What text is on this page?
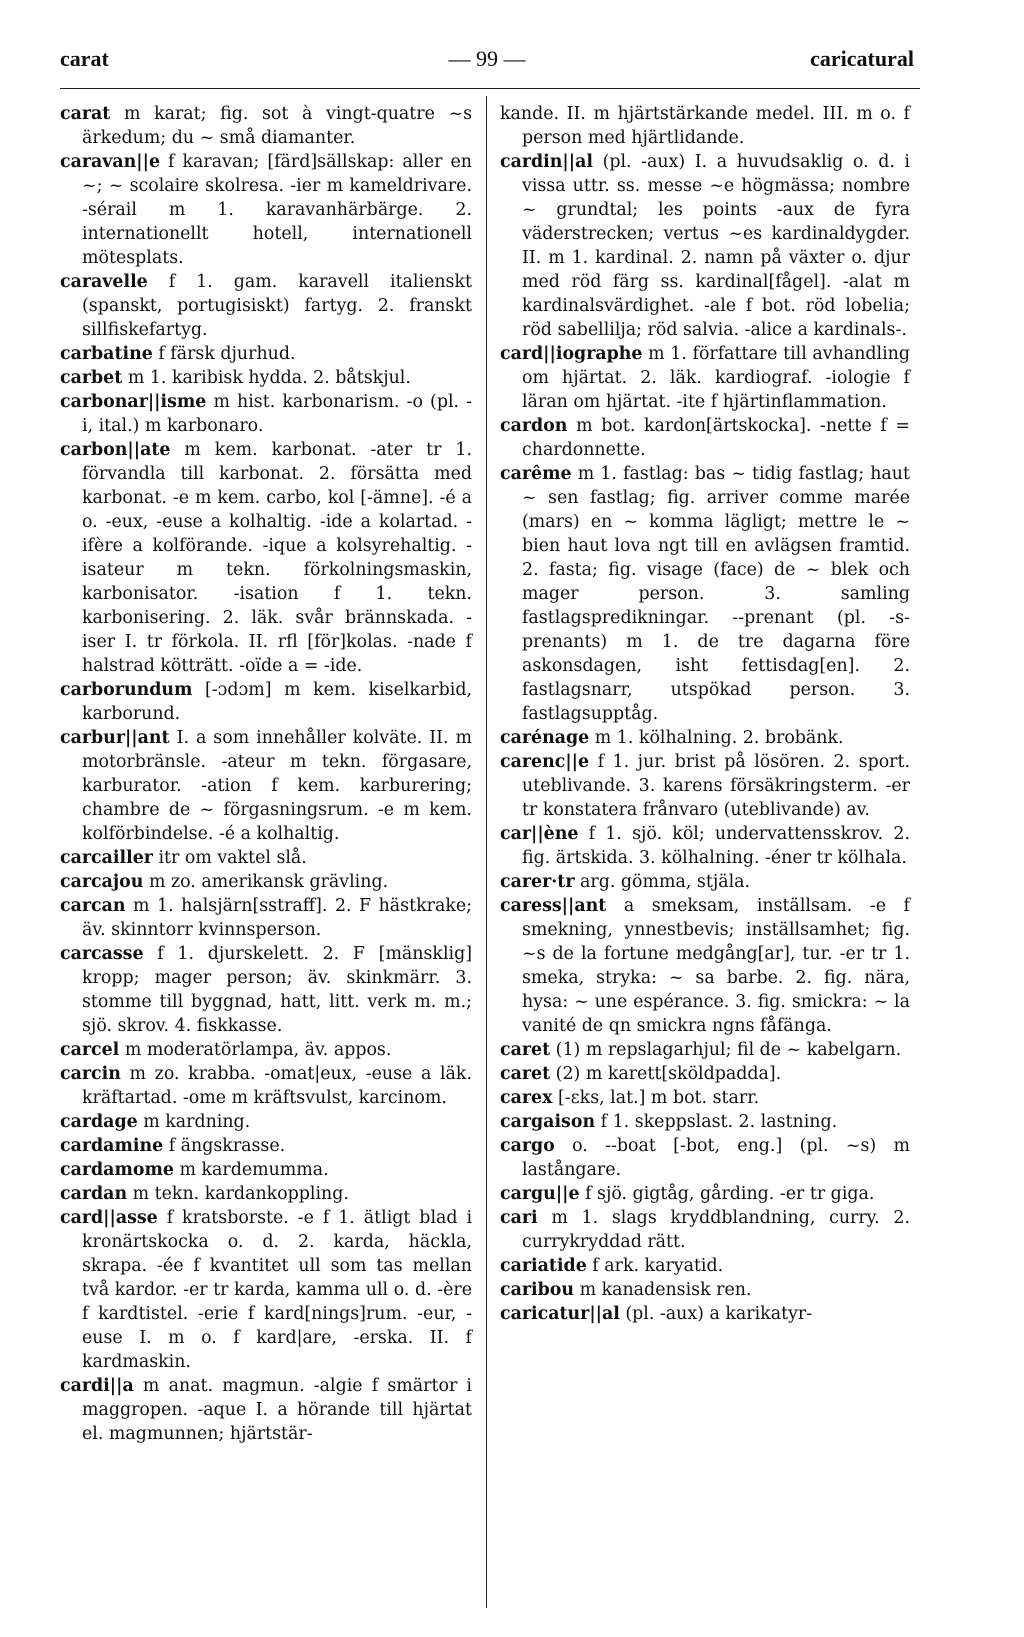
carat	— 99 —	caricatural

carat m karat; fig. sot à vingt-quatre ~s ärkedum; du ~ små diamanter.

caravan||e f karavan; [färd]sällskap: aller en ~; ~ scolaire skolresa. -ier m kameldrivare. -sérail m 1. karavanhärbärge. 2. internationellt hotell, internationell mötesplats.

caravelle f 1. gam. karavell italienskt (spanskt, portugisiskt) fartyg. 2. franskt sillfiskefartyg.

carbatine f färsk djurhud.

carbet m 1. karibisk hydda. 2. båtskjul.

carbonar||isme m hist. karbonarism. -o (pl. -i, ital.) m karbonaro.

carbon||ate m kem. karbonat. -ater tr 1. förvandla till karbonat. 2. försätta med karbonat. -e m kem. carbo, kol [-ämne]. -é a o. -eux, -euse a kolhaltig. -ide a kolartad. -ifère a kolförande. -ique a kolsyrehaltig. -isateur m tekn. förkolningsmaskin, karbonisator. -isation f 1. tekn. karbonisering. 2. läk. svår brännskada. -iser I. tr förkola. II. rfl [för]kolas. -nade f halstrad kötträtt. -oïde a = -ide.

carborundum [-ɔdɔm] m kem. kiselkarbid, karborund.

carbur||ant I. a som innehåller kolväte. II. m motorbränsle. -ateur m tekn. förgasare, karburator. -ation f kem. karburering; chambre de ~ förgasningsrum. -e m kem. kolförbindelse. -é a kolhaltig.

carcailler itr om vaktel slå.

carcajou m zo. amerikansk grävling.

carcan m 1. halsjärn[sstraff]. 2. F hästkrake; äv. skinntorr kvinnsperson.

carcasse f 1. djurskelett. 2. F [mänsklig] kropp; mager person; äv. skinkmärr. 3. stomme till byggnad, hatt, litt. verk m. m.; sjö. skrov. 4. fiskkasse.

carcel m moderatörlampa, äv. appos.

carcin m zo. krabba. -omat|eux, -euse a läk. kräftartad. -ome m kräftsvulst, karcinom.

cardage m kardning.

cardamine f ängskrasse.

cardamome m kardemumma.

cardan m tekn. kardankoppling.

card||asse f kratsborste. -e f 1. ätligt blad i kronärtskocka o. d. 2. karda, häckla, skrapa. -ée f kvantitet ull som tas mellan två kardor. -er tr karda, kamma ull o. d. -ère f kardtistel. -erie f kard[nings]rum. -eur, -euse I. m o. f kard|are, -erska. II. f kardmaskin.

cardi||a m anat. magmun. -algie f smärtor i maggropen. -aque I. a hörande till hjärtat el. magmunnen; hjärtstär-

kande. II. m hjärtstärkande medel. III. m o. f person med hjärtlidande.

cardin||al (pl. -aux) I. a huvudsaklig o. d. i vissa uttr. ss. messe ~e högmässa; nombre ~ grundtal; les points -aux de fyra väderstrecken; vertus ~es kardinaldygder. II. m 1. kardinal. 2. namn på växter o. djur med röd färg ss. kardinal[fågel]. -alat m kardinalsvärdighet. -ale f bot. röd lobelia; röd sabellilja; röd salvia. -alice a kardinals-.

card||iographe m 1. författare till avhandling om hjärtat. 2. läk. kardiograf. -iologie f läran om hjärtat. -ite f hjärtinflammation.

cardon m bot. kardon[ärtskocka]. -nette f = chardonnette.

carême m 1. fastlag: bas ~ tidig fastlag; haut ~ sen fastlag; fig. arriver comme marée (mars) en ~ komma lägligt; mettre le ~ bien haut lova ngt till en avlägsen framtid. 2. fasta; fig. visage (face) de ~ blek och mager person. 3. samling fastlagspredikningar. --prenant (pl. -s-prenants) m 1. de tre dagarna före askonsdagen, isht fettisdag[en]. 2. fastlagsnarr, utspökad person. 3. fastlagsupptåg.

carénage m 1. kölhalning. 2. brobänk.

carenc||e f 1. jur. brist på lösören. 2. sport. uteblivande. 3. karens försäkringsterm. -er tr konstatera frånvaro (uteblivande) av.

car||ène f 1. sjö. köl; undervattensskrov. 2. fig. ärtskida. 3. kölhalning. -éner tr kölhala.

carer·tr arg. gömma, stjäla.

caress||ant a smeksam, inställsam. -e f smekning, ynnestbevis; inställsamhet; fig. ~s de la fortune medgång[ar], tur. -er tr 1. smeka, stryka: ~ sa barbe. 2. fig. nära, hysa: ~ une espérance. 3. fig. smickra: ~ la vanité de qn smickra ngns fåfänga.

caret (1) m repslagarhjul; fil de ~ kabelgarn.

caret (2) m karett[sköldpadda].

carex [-ɛks, lat.] m bot. starr.

cargaison f 1. skeppslast. 2. lastning.

cargo o. --boat [-bot, eng.] (pl. ~s) m lastångare.

cargu||e f sjö. gigtåg, gårding. -er tr giga.

cari m 1. slags kryddblandning, curry. 2. currykryddad rätt.

cariatide f ark. karyatid.

caribou m kanadensisk ren.

caricatur||al (pl. -aux) a karikatyr-
